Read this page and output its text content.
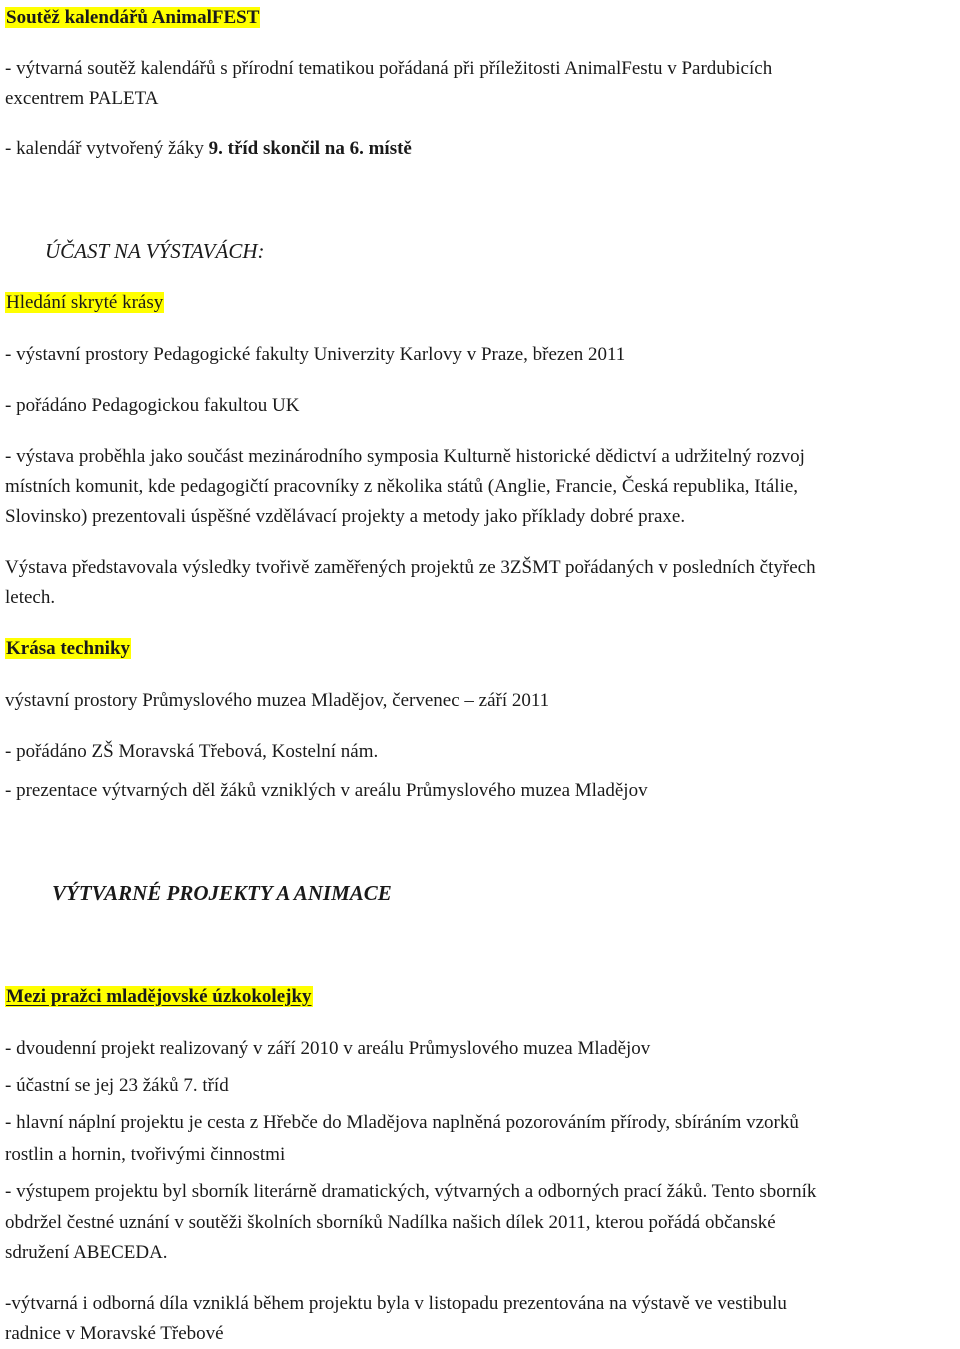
Soutěž kalendářů AnimalFEST
- výtvarná soutěž kalendářů s přírodní tematikou pořádaná při příležitosti AnimalFestu v Pardubicích
excentrem PALETA
- kalendář vytvořený žáky 9. tříd skončil na 6. místě
ÚČAST NA VÝSTAVÁCH:
Hledání skryté krásy
- výstavní prostory Pedagogické fakulty Univerzity Karlovy v Praze, březen 2011
- pořádáno Pedagogickou fakultou UK
- výstava proběhla jako součást mezinárodního symposia Kulturně historické dědictví a udržitelný rozvoj
místních komunit, kde pedagogičtí pracovníky z několika států (Anglie, Francie, Česká republika, Itálie,
Slovinsko) prezentovali úspěšné vzdělávací projekty a metody jako příklady dobré praxe.
Výstava představovala výsledky tvořivě zaměřených projektů ze 3ZŠMT pořádaných v posledních čtyřech
letech.
Krása techniky
výstavní prostory Průmyslového muzea Mladějov, červenec – září 2011
- pořádáno ZŠ Moravská Třebová, Kostelní nám.
- prezentace výtvarných děl žáků vzniklých v areálu Průmyslového muzea Mladějov
VÝTVARNÉ PROJEKTY A ANIMACE
Mezi pražci mladějovské úzkokolejky
- dvoudenní projekt realizovaný v září 2010 v areálu Průmyslového muzea Mladějov
- účastní se jej 23 žáků 7. tříd
- hlavní náplní projektu je cesta z Hřebče do Mladějova naplněná pozorováním přírody, sbíráním vzorků
rostlin a hornin, tvořivými činnostmi
- výstupem projektu byl sborník literárně dramatických, výtvarných a odborných prací žáků. Tento sborník
obdržel čestné uznání v soutěži školních sborníků Nadílka našich dílek 2011, kterou pořádá občanské
sdružení ABECEDA.
-výtvarná i odborná díla vzniklá během projektu byla v listopadu prezentována na výstavě ve vestibulu
radnice v Moravské Třebové
